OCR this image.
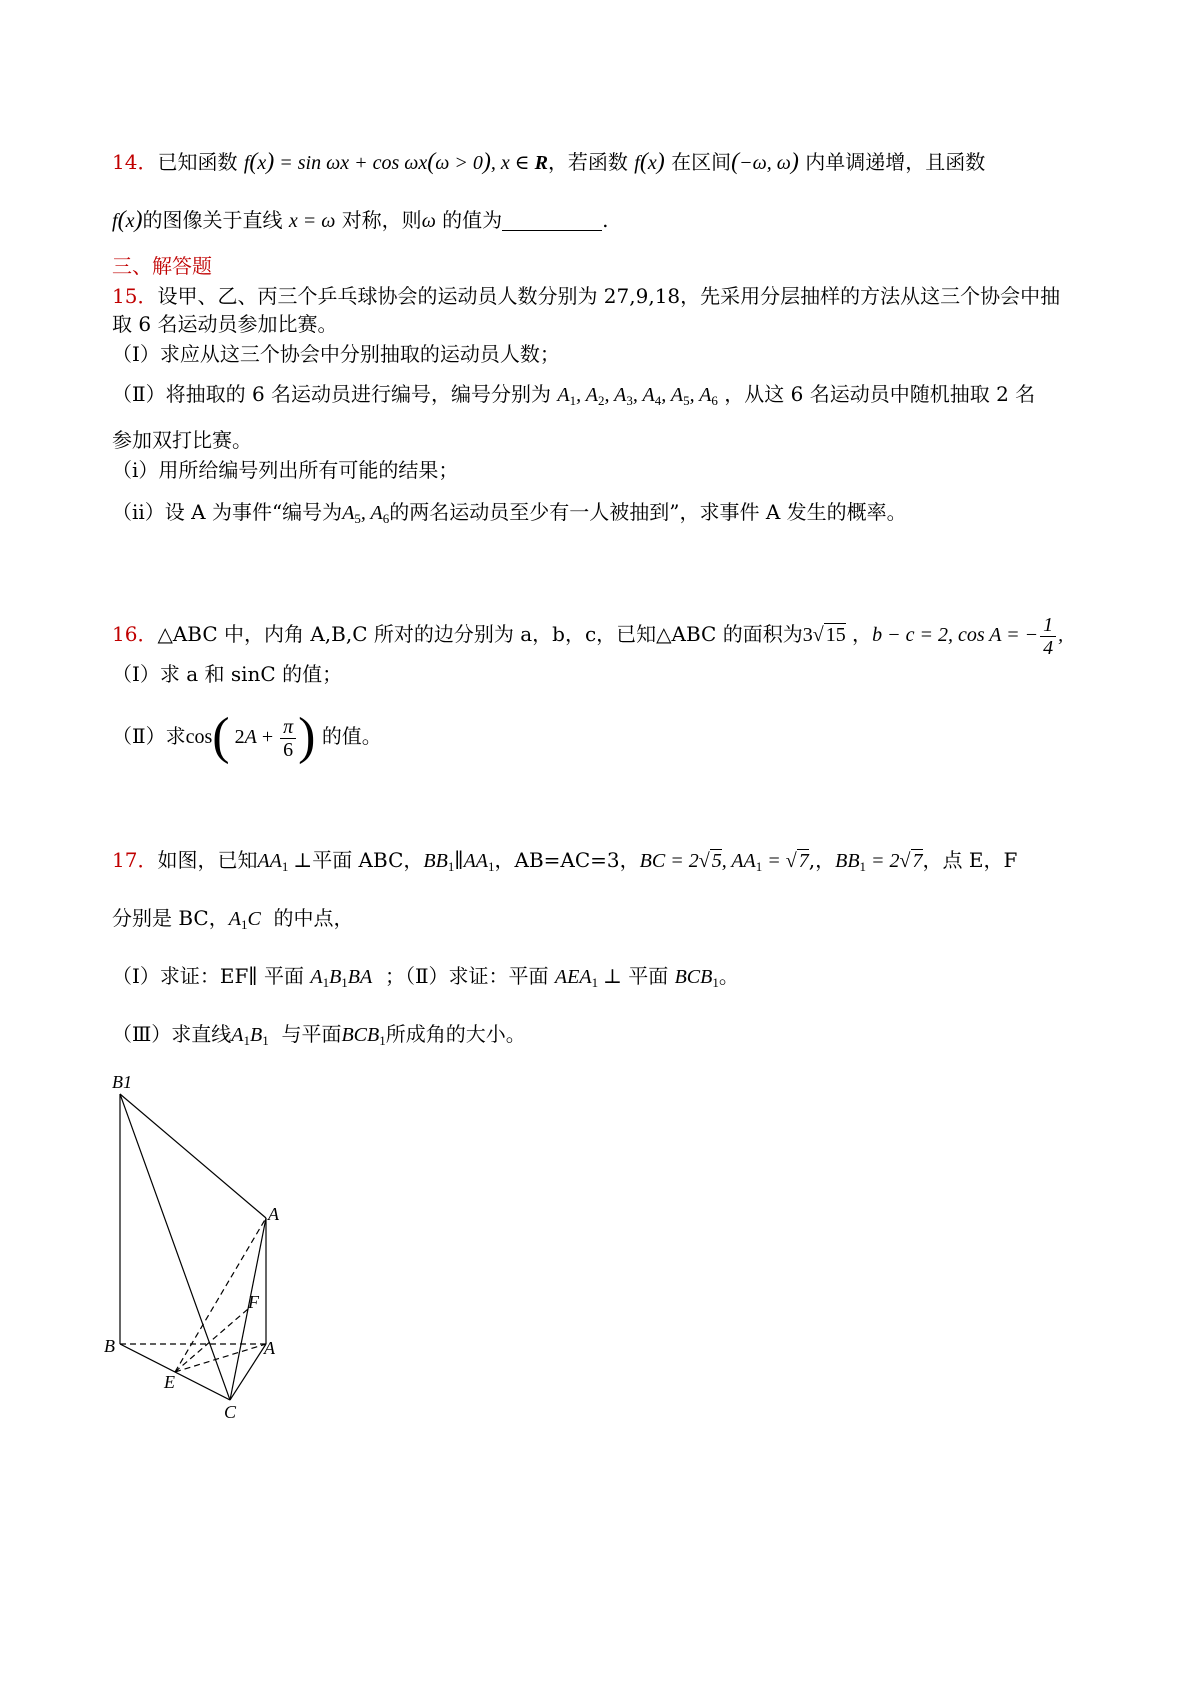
14．已知函数 f(x) = sin ωx + cos ωx(ω > 0), x ∈ R，若函数 f(x) 在区间(−ω, ω) 内单调递增，且函数
f(x)的图像关于直线 x = ω 对称，则ω 的值为	.
三、解答题
15．设甲、乙、丙三个乒乓球协会的运动员人数分别为 27,9,18，先采用分层抽样的方法从这三个协会中抽
取 6 名运动员参加比赛。
（Ⅰ）求应从这三个协会中分别抽取的运动员人数；
（Ⅱ）将抽取的 6 名运动员进行编号，编号分别为 $A_1$, $A_2$, $A_3$, $A_4$, $A_5$, $A_6$ ，从这 6 名运动员中随机抽取 2 名
参加双打比赛。
（i）用所给编号列出所有可能的结果；
（ii）设 A 为事件“编号为$A_5$, $A_6$的两名运动员至少有一人被抽到”，求事件 A 发生的概率。
16．△ABC 中，内角 A,B,C 所对的边分别为 a，b，c，已知△ABC 的面积为3√ 15 ，b − c = 2, cos A = − $\frac{1}{4}$ ,
（Ⅰ）求 a 和 sinC 的值；
（Ⅱ）求cos( $2A + \frac{\pi}{6}$ ) 的值。
17．如图，已知$AA_1$ ⊥平面 ABC，$BB_1\parallel AA_1$，AB=AC=3，BC = 2√ 5, $AA_1$ = √ 7,，$BB_1 = 2√$ 7，点 E，F
分别是 BC，$A_1C$ 的中点，
（Ⅰ）求证：EF∥ 平面 $A_1B_1BA$ ；（Ⅱ）求证：平面 $AEA_1$ ⊥ 平面 $BCB_1$。
（Ⅲ）求直线$A_1B_1$ 与平面$BCB_1$所成角的大小。
B1
A
F
B	A
E
C
